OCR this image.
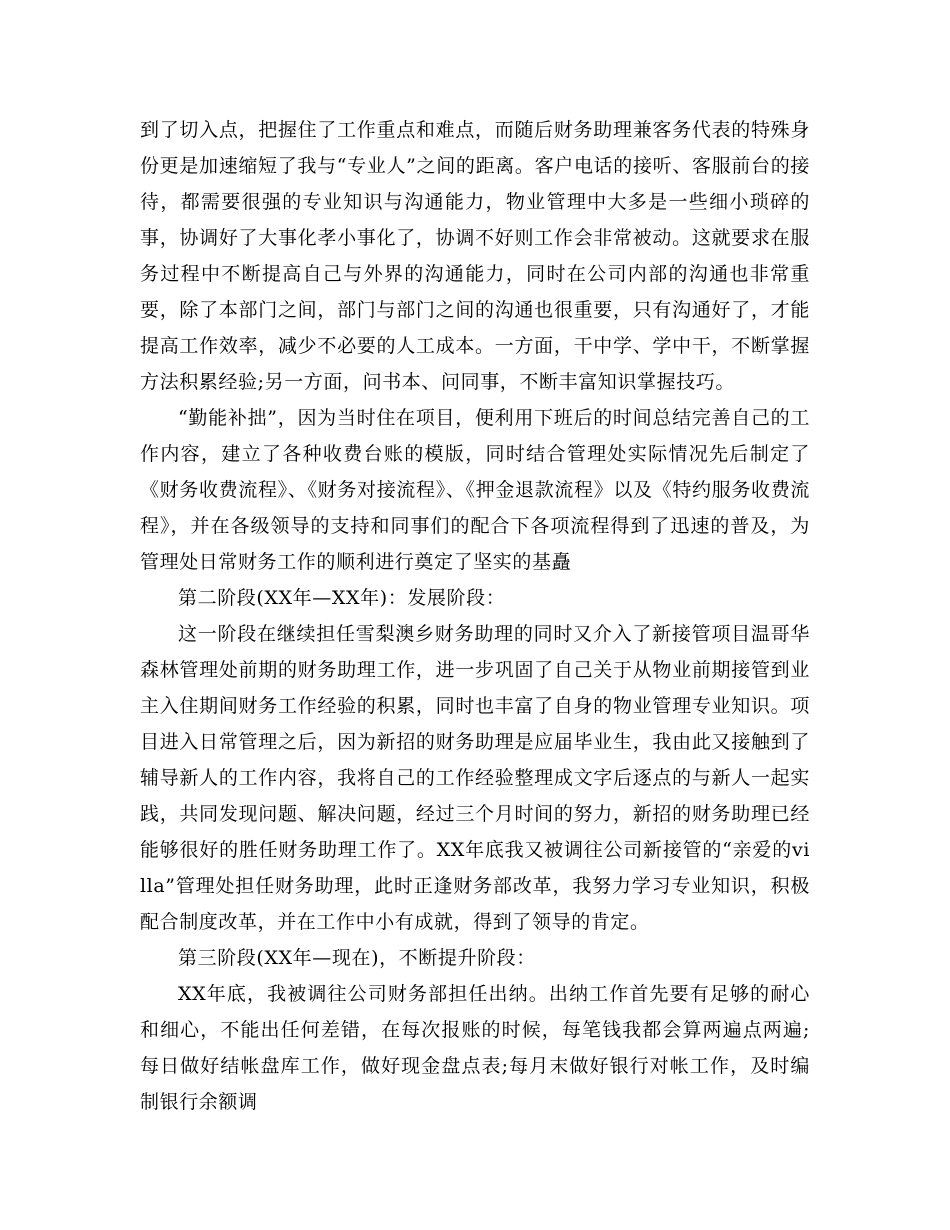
到了切入点，把握住了工作重点和难点，而随后财务助理兼客务代表的特殊身份更是加速缩短了我与“专业人”之间的距离。客户电话的接听、客服前台的接待，都需要很强的专业知识与沟通能力，物业管理中大多是一些细小琐碎的事，协调好了大事化孝小事化了，协调不好则工作会非常被动。这就要求在服务过程中不断提高自己与外界的沟通能力，同时在公司内部的沟通也非常重要，除了本部门之间，部门与部门之间的沟通也很重要，只有沟通好了，才能提高工作效率，减少不必要的人工成本。一方面，干中学、学中干，不断掌握方法积累经验;另一方面，问书本、问同事，不断丰富知识掌握技巧。

“勤能补拙”，因为当时住在项目，便利用下班后的时间总结完善自己的工作内容，建立了各种收费台账的模版，同时结合管理处实际情况先后制定了《财务收费流程》、《财务对接流程》、《押金退款流程》以及《特约服务收费流程》，并在各级领导的支持和同事们的配合下各项流程得到了迅速的普及，为管理处日常财务工作的顺利进行奠定了坚实的基矗

第二阶段(XX年—XX年)：发展阶段：

这一阶段在继续担任雪梨澳乡财务助理的同时又介入了新接管项目温哥华森林管理处前期的财务助理工作，进一步巩固了自己关于从物业前期接管到业主入住期间财务工作经验的积累，同时也丰富了自身的物业管理专业知识。项目进入日常管理之后，因为新招的财务助理是应届毕业生，我由此又接触到了辅导新人的工作内容，我将自己的工作经验整理成文字后逐点的与新人一起实践，共同发现问题、解决问题，经过三个月时间的努力，新招的财务助理已经能够很好的胜任财务助理工作了。XX年底我又被调往公司新接管的“亲爱的villa”管理处担任财务助理，此时正逢财务部改革，我努力学习专业知识，积极配合制度改革，并在工作中小有成就，得到了领导的肯定。

第三阶段(XX年—现在)，不断提升阶段：

XX年底，我被调往公司财务部担任出纳。出纳工作首先要有足够的耐心和细心，不能出任何差错，在每次报账的时候，每笔钱我都会算两遍点两遍;每日做好结帐盘库工作，做好现金盘点表;每月末做好银行对帐工作，及时编制银行余额调
